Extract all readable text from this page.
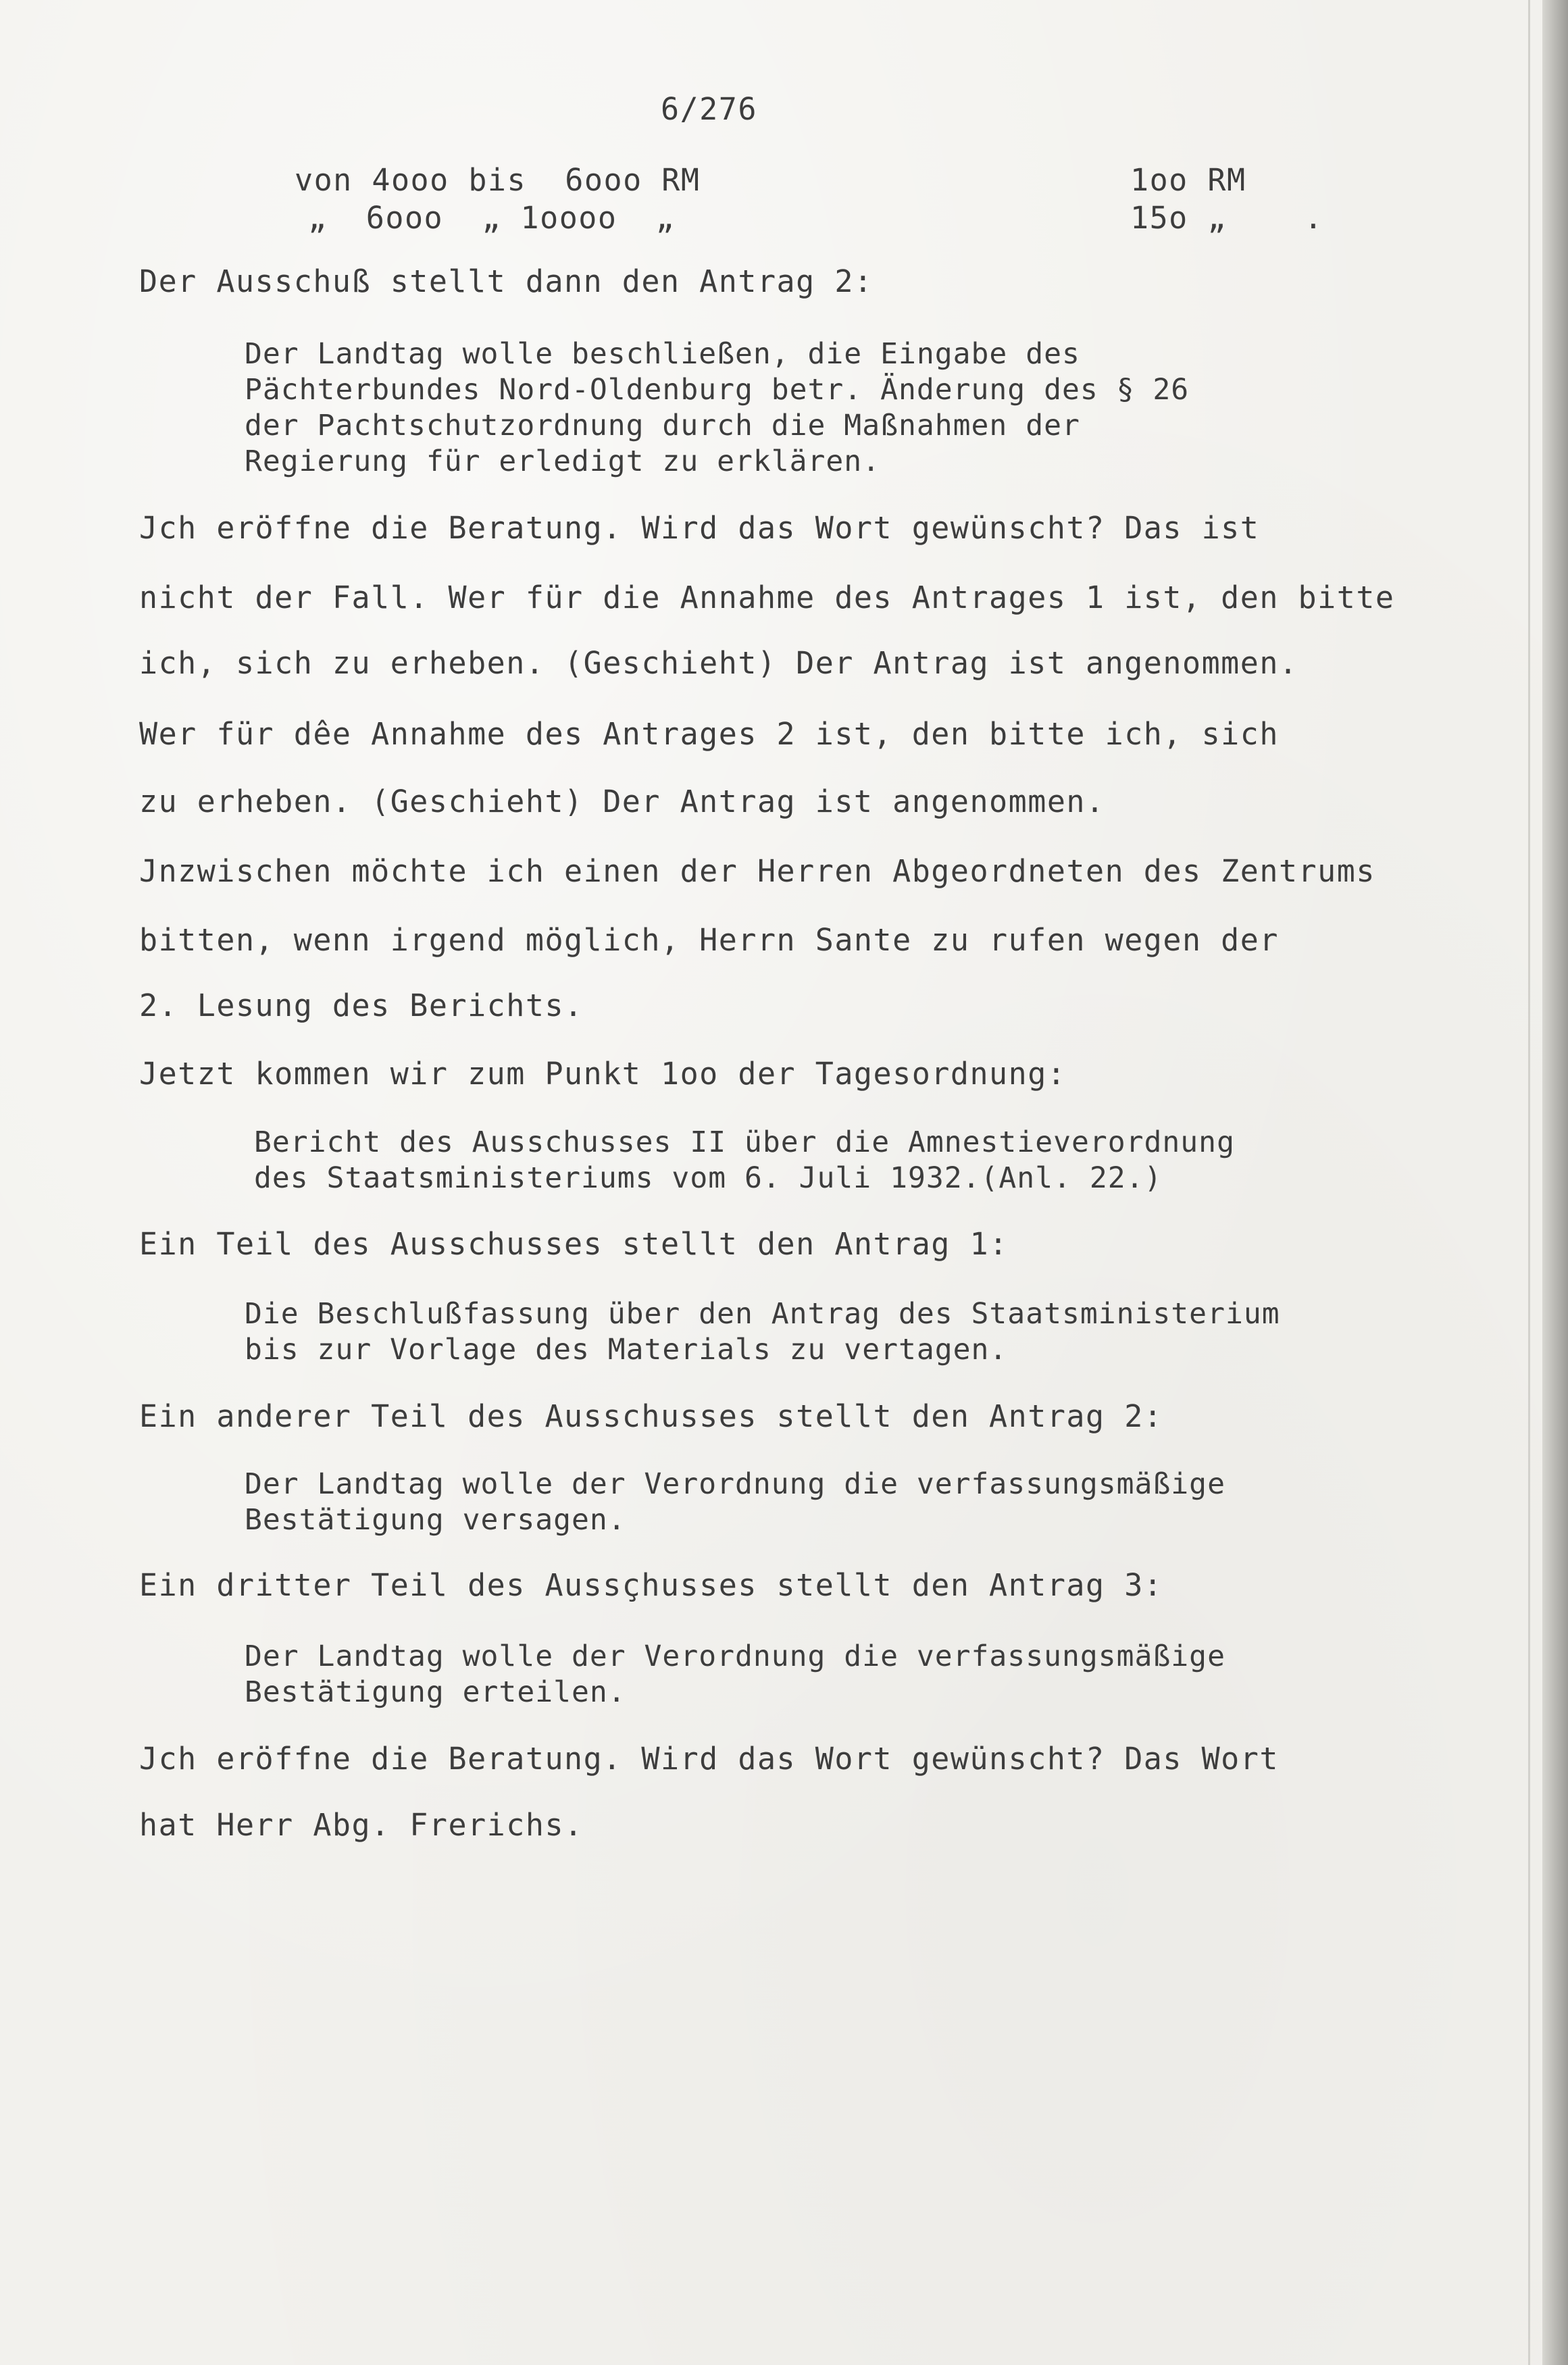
6/276
von 4ooo bis  6ooo RM	1oo RM
„  6ooo  „ 1oooo  „	15o „    .
Der Ausschuß stellt dann den Antrag 2:
Der Landtag wolle beschließen, die Eingabe des
Pächterbundes Nord-Oldenburg betr. Änderung des § 26
der Pachtschutzordnung durch die Maßnahmen der
Regierung für erledigt zu erklären.
Jch eröffne die Beratung. Wird das Wort gewünscht? Das ist
nicht der Fall. Wer für die Annahme des Antrages 1 ist, den bitte
ich, sich zu erheben. (Geschieht) Der Antrag ist angenommen.
Wer für dêe Annahme des Antrages 2 ist, den bitte ich, sich
zu erheben. (Geschieht) Der Antrag ist angenommen.
Jnzwischen möchte ich einen der Herren Abgeordneten des Zentrums
bitten, wenn irgend möglich, Herrn Sante zu rufen wegen der
2. Lesung des Berichts.
Jetzt kommen wir zum Punkt 1oo der Tagesordnung:
Bericht des Ausschusses II über die Amnestieverordnung
des Staatsministeriums vom 6. Juli 1932.(Anl. 22.)
Ein Teil des Ausschusses stellt den Antrag 1:
Die Beschlußfassung über den Antrag des Staatsministerium
bis zur Vorlage des Materials zu vertagen.
Ein anderer Teil des Ausschusses stellt den Antrag 2:
Der Landtag wolle der Verordnung die verfassungsmäßige
Bestätigung versagen.
Ein dritter Teil des Aussçhusses stellt den Antrag 3:
Der Landtag wolle der Verordnung die verfassungsmäßige
Bestätigung erteilen.
Jch eröffne die Beratung. Wird das Wort gewünscht? Das Wort
hat Herr Abg. Frerichs.
